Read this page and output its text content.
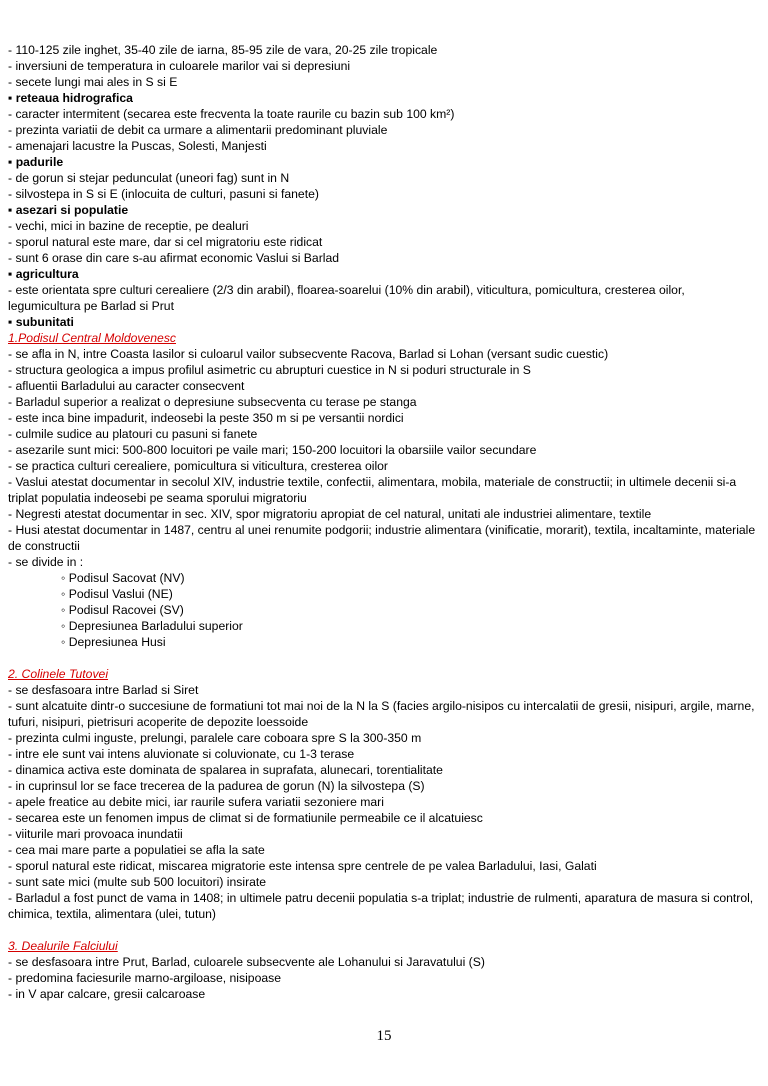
- 110-125 zile inghet, 35-40 zile de iarna, 85-95 zile de vara, 20-25 zile tropicale
- inversiuni de temperatura in culoarele marilor vai si depresiuni
- secete lungi mai ales in S si E
▪ reteaua hidrografica
- caracter intermitent (secarea este frecventa la toate raurile cu bazin sub 100 km²)
- prezinta variatii de debit ca urmare a alimentarii predominant pluviale
- amenajari lacustre la Puscas, Solesti, Manjesti
▪ padurile
- de gorun si stejar pedunculat (uneori fag) sunt in N
- silvostepa in S si E (inlocuita de culturi, pasuni si fanete)
▪ asezari si populatie
- vechi, mici in bazine de receptie, pe dealuri
- sporul natural este mare, dar si cel migratoriu este ridicat
- sunt 6 orase din care s-au afirmat economic Vaslui si Barlad
▪ agricultura
- este orientata spre culturi cerealiere (2/3 din arabil), floarea-soarelui (10% din arabil), viticultura, pomicultura, cresterea oilor, legumicultura pe Barlad si Prut
▪ subunitati
1.Podisul Central Moldovenesc
- se afla in N, intre Coasta Iasilor si culoarul vailor subsecvente Racova, Barlad si Lohan (versant sudic cuestic)
- structura geologica a impus profilul asimetric cu abrupturi cuestice in N si poduri structurale in S
- afluentii Barladului au caracter consecvent
- Barladul superior a realizat o depresiune subsecventa cu terase pe stanga
- este inca bine impadurit, indeosebi la peste 350 m si pe versantii nordici
- culmile sudice au platouri cu pasuni si fanete
- asezarile sunt mici: 500-800 locuitori pe vaile mari; 150-200 locuitori la obarsiile vailor secundare
- se practica culturi cerealiere, pomicultura si viticultura, cresterea oilor
- Vaslui atestat documentar in secolul XIV, industrie textile, confectii, alimentara, mobila, materiale de constructii; in ultimele decenii si-a triplat populatia indeosebi pe seama sporului migratoriu
- Negresti atestat documentar in sec. XIV, spor migratoriu apropiat de cel natural, unitati ale industriei alimentare, textile
- Husi atestat documentar in 1487, centru al unei renumite podgorii; industrie alimentara (vinificatie, morarit), textila, incaltaminte, materiale de constructii
- se divide in :
◦ Podisul Sacovat (NV)
◦ Podisul Vaslui (NE)
◦ Podisul Racovei (SV)
◦ Depresiunea Barladului superior
◦ Depresiunea Husi
2. Colinele Tutovei
- se desfasoara intre Barlad si Siret
- sunt alcatuite dintr-o succesiune de formatiuni tot mai noi de la N la S (facies argilo-nisipos cu intercalatii de gresii, nisipuri, argile, marne, tufuri, nisipuri, pietrisuri acoperite de depozite loessoide
- prezinta culmi inguste, prelungi, paralele care coboara spre S la 300-350 m
- intre ele sunt vai intens aluvionate si coluvionate, cu 1-3 terase
- dinamica activa este dominata de spalarea in suprafata, alunecari, torentialitate
- in cuprinsul lor se face trecerea de la padurea de gorun (N) la silvostepa (S)
- apele freatice au debite mici, iar raurile sufera variatii sezoniere mari
- secarea este un fenomen impus de climat si de formatiunile permeabile ce il alcatuiesc
- viiturile mari provoaca inundatii
- cea mai mare parte a populatiei se afla la sate
- sporul natural este ridicat, miscarea migratorie este intensa spre centrele de pe valea Barladului, Iasi, Galati
- sunt sate mici (multe sub 500 locuitori) insirate
- Barladul a fost punct de vama in 1408; in ultimele patru decenii populatia s-a triplat; industrie de rulmenti, aparatura de masura si control, chimica, textila, alimentara (ulei, tutun)
3. Dealurile Falciului
- se desfasoara intre Prut, Barlad, culoarele subsecvente ale Lohanului si Jaravatului (S)
- predomina faciesurile marno-argiloase, nisipoase
- in V apar calcare, gresii calcaroase
15
